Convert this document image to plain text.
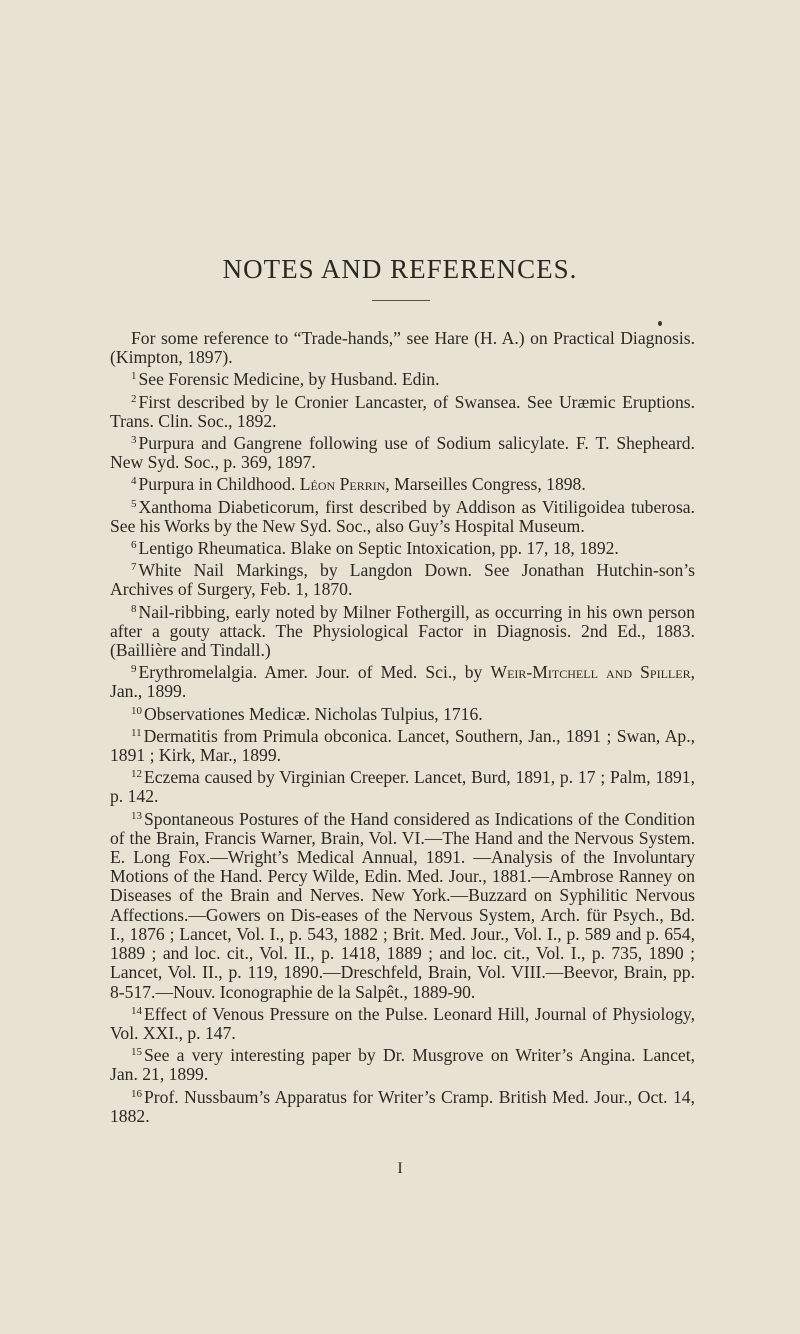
NOTES AND REFERENCES.

For some reference to “Trade-hands,” see Hare (H. A.) on Practical Diagnosis. (Kimpton, 1897).

$^1$ See Forensic Medicine, by Husband. Edin.

$^2$ First described by le Cronier Lancaster, of Swansea. See Uræmic Eruptions. Trans. Clin. Soc., 1892.

$^3$ Purpura and Gangrene following use of Sodium salicylate. F. T. Shepheard. New Syd. Soc., p. 369, 1897.

$^4$ Purpura in Childhood. Léon Perrin, Marseilles Congress, 1898.

$^5$ Xanthoma Diabeticorum, first described by Addison as Vitiligoidea tuberosa. See his Works by the New Syd. Soc., also Guy’s Hospital Museum.

$^6$ Lentigo Rheumatica. Blake on Septic Intoxication, pp. 17, 18, 1892.

$^7$ White Nail Markings, by Langdon Down. See Jonathan Hutchin-son’s Archives of Surgery, Feb. 1, 1870.

$^8$ Nail-ribbing, early noted by Milner Fothergill, as occurring in his own person after a gouty attack. The Physiological Factor in Diagnosis. 2nd Ed., 1883. (Baillière and Tindall.)

$^9$ Erythromelalgia. Amer. Jour. of Med. Sci., by Weir-Mitchell and Spiller, Jan., 1899.

$^{10}$ Observationes Medicæ. Nicholas Tulpius, 1716.

$^{11}$ Dermatitis from Primula obconica. Lancet, Southern, Jan., 1891 ; Swan, Ap., 1891 ; Kirk, Mar., 1899.

$^{12}$ Eczema caused by Virginian Creeper. Lancet, Burd, 1891, p. 17 ; Palm, 1891, p. 142.

$^{13}$ Spontaneous Postures of the Hand considered as Indications of the Condition of the Brain, Francis Warner, Brain, Vol. VI.—The Hand and the Nervous System. E. Long Fox.—Wright’s Medical Annual, 1891. —Analysis of the Involuntary Motions of the Hand. Percy Wilde, Edin. Med. Jour., 1881.—Ambrose Ranney on Diseases of the Brain and Nerves. New York.—Buzzard on Syphilitic Nervous Affections.—Gowers on Dis-eases of the Nervous System, Arch. für Psych., Bd. I., 1876 ; Lancet, Vol. I., p. 543, 1882 ; Brit. Med. Jour., Vol. I., p. 589 and p. 654, 1889 ; and loc. cit., Vol. II., p. 1418, 1889 ; and loc. cit., Vol. I., p. 735, 1890 ; Lancet, Vol. II., p. 119, 1890.—Dreschfeld, Brain, Vol. VIII.—Beevor, Brain, pp. 8-517.—Nouv. Iconographie de la Salpêt., 1889-90.

$^{14}$ Effect of Venous Pressure on the Pulse. Leonard Hill, Journal of Physiology, Vol. XXI., p. 147.

$^{15}$ See a very interesting paper by Dr. Musgrove on Writer’s Angina. Lancet, Jan. 21, 1899.

$^{16}$ Prof. Nussbaum’s Apparatus for Writer’s Cramp. British Med. Jour., Oct. 14, 1882.

I
